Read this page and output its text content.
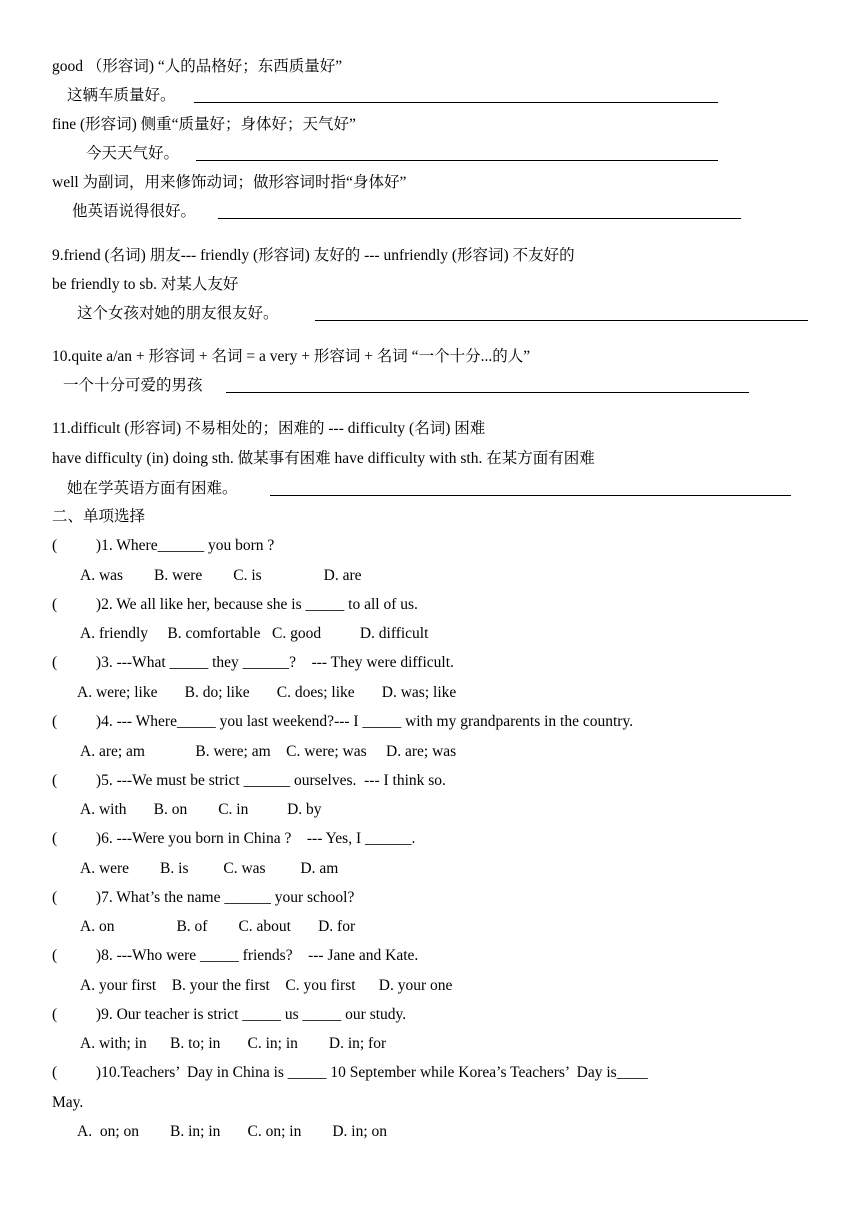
good （形容词) “人的品格好；东西质量好”
这辆车质量好。
fine (形容词) 侧重“质量好；身体好；天气好”
今天天气好。
well 为副词，用来修饰动词；做形容词时指“身体好”
他英语说得很好。
9.friend (名词) 朋友--- friendly (形容词) 友好的 --- unfriendly (形容词) 不友好的
be friendly to sb. 对某人友好
这个女孩对她的朋友很友好。
10.quite a/an + 形容词 + 名词 = a very + 形容词 + 名词 “一个十分...的人”
一个十分可爱的男孩
11.difficult (形容词) 不易相处的；困难的 --- difficulty (名词) 困难
have difficulty (in) doing sth. 做某事有困难 have difficulty with sth. 在某方面有困难
她在学英语方面有困难。
二、单项选择
(          )1. Where______ you born ?
A. was        B. were        C. is                D. are
(          )2. We all like her, because she is _____ to all of us.
A. friendly     B. comfortable   C. good          D. difficult
(          )3. ---What _____ they ______?    --- They were difficult.
A. were; like       B. do; like       C. does; like       D. was; like
(          )4. --- Where_____ you last weekend?--- I _____ with my grandparents in the country.
A. are; am             B. were; am    C. were; was     D. are; was
(          )5. ---We must be strict ______ ourselves.  --- I think so.
A. with       B. on        C. in          D. by
(          )6. ---Were you born in China ?    --- Yes, I ______.
A. were        B. is         C. was         D. am
(          )7. What’s the name ______ your school?
A. on                B. of        C. about       D. for
(          )8. ---Who were _____ friends?    --- Jane and Kate.
A. your first    B. your the first    C. you first      D. your one
(          )9. Our teacher is strict _____ us _____ our study.
A. with; in      B. to; in       C. in; in        D. in; for
(          )10.Teachers’  Day in China is _____ 10 September while Korea’s Teachers’  Day is____
May.
A.  on; on        B. in; in       C. on; in        D. in; on
